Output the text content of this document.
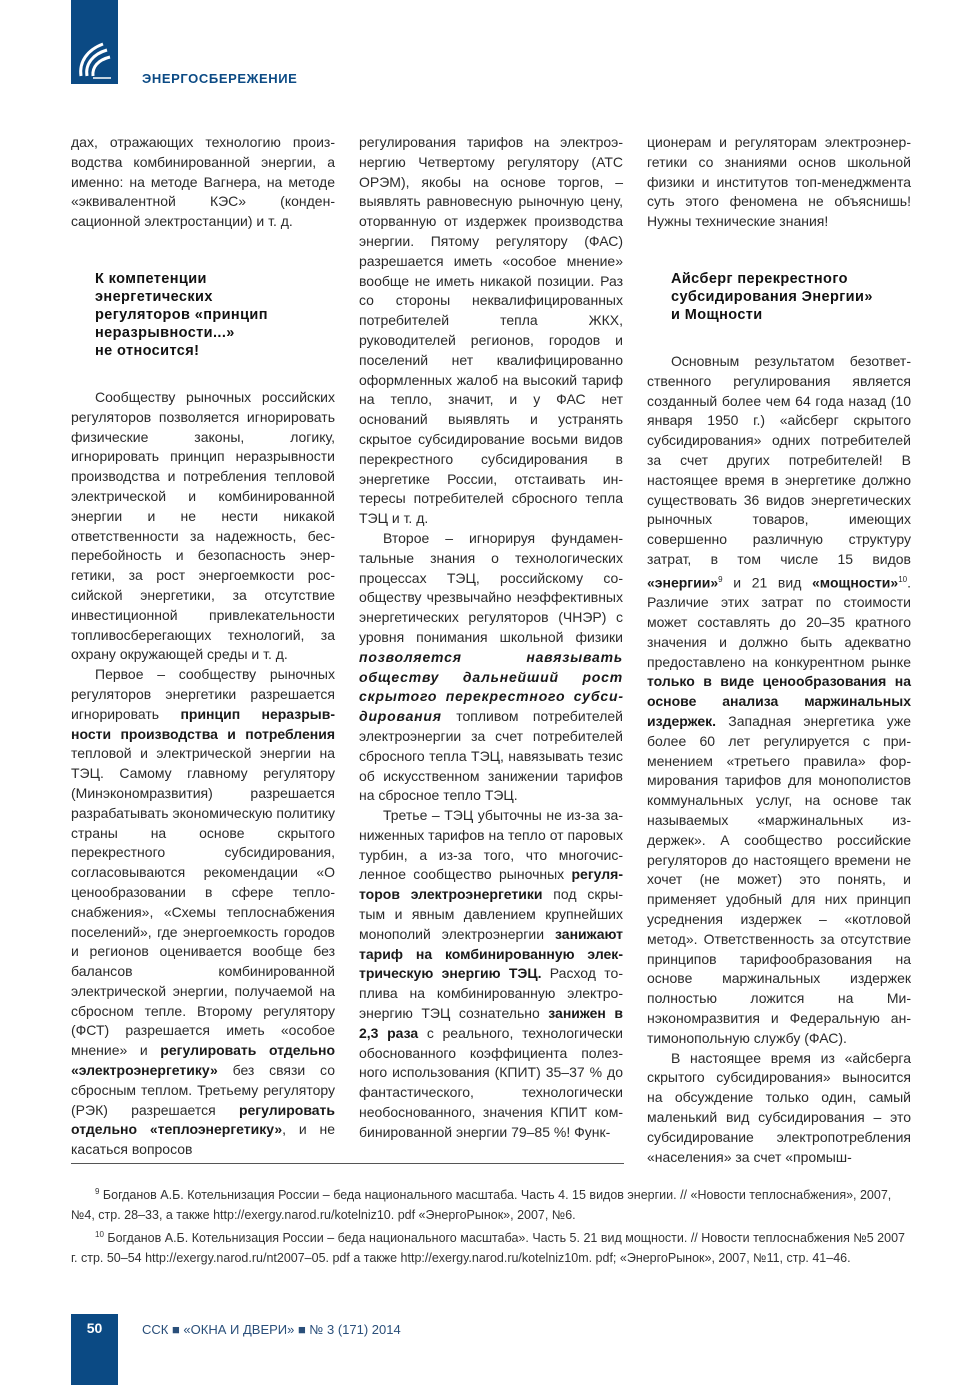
ЭНЕРГОСБЕРЕЖЕНИЕ

дах, отражающих технологию производства комбинированной энергии, а именно: на методе Вагнера, на методе «эквивалентной КЭС» (конденсационной электростанции) и т. д.

К компетенции
энергетических
регуляторов «принцип
неразрывности...»
не относится!

Сообществу рыночных российских регуляторов позволяется игнорировать физические законы, логику, игнорировать принцип неразрывности производства и потребления тепловой электрической и комбинированной энергии и не нести никакой ответственности за надежность, бесперебойность и безопасность энергетики, за рост энергоемкости российской энергетики, за отсутствие инвестиционной привлекательности топливосберегающих технологий, за охрану окружающей среды и т. д.

Первое – сообществу рыночных регуляторов энергетики разрешается игнорировать принцип неразрывности производства и потребления тепловой и электрической энергии на ТЭЦ. Самому главному регулятору (Минэкономразвития) разрешается разрабатывать экономическую политику страны на основе скрытого перекрестного субсидирования, согласовываются рекомендации «О ценообразовании в сфере теплоснабжения», «Схемы теплоснабжения поселений», где энергоемкость городов и регионов оценивается вообще без балансов комбинированной электрической энергии, получаемой на сбросном тепле. Второму регулятору (ФСТ) разрешается иметь «особое мнение» и регулировать отдельно «электроэнергетику» без связи со сбросным теплом. Третьему регулятору (РЭК) разрешается регулировать отдельно «теплоэнергетику», и не касаться вопросов

регулирования тарифов на электроэнергию Четвертому регулятору (АТС ОРЭМ), якобы на основе торгов, – выявлять равновесную рыночную цену, оторванную от издержек производства энергии. Пятому регулятору (ФАС) разрешается иметь «особое мнение» вообще не иметь никакой позиции. Раз со стороны неквалифицированных потребителей тепла ЖКХ, руководителей регионов, городов и поселений нет квалифицированно оформленных жалоб на высокий тариф на тепло, значит, и у ФАС нет оснований выявлять и устранять скрытое субсидирование восьми видов перекрестного субсидирования в энергетике России, отстаивать интересы потребителей сбросного тепла ТЭЦ и т. д.

Второе – игнорируя фундаментальные знания о технологических процессах ТЭЦ, российскому сообществу чрезвычайно неэффективных энергетических регуляторов (ЧНЭР) с уровня понимания школьной физики позволяется навязывать обществу дальнейший рост скрытого перекрестного субсидирования топливом потребителей электроэнергии за счет потребителей сбросного тепла ТЭЦ, навязывать тезис об искусственном занижении тарифов на сбросное тепло ТЭЦ.

Третье – ТЭЦ убыточны не из-за заниженных тарифов на тепло от паровых турбин, а из-за того, что многочисленное сообщество рыночных регуляторов электроэнергетики под скрытым и явным давлением крупнейших монополий электроэнергии занижают тариф на комбинированную электрическую энергию ТЭЦ. Расход топлива на комбинированную электроэнергию ТЭЦ сознательно занижен в 2,3 раза с реального, технологически обоснованного коэффициента полезного использования (КПИТ) 35–37 % до фантастического, технологически необоснованного, значения КПИТ комбинированной энергии 79–85 %! Функ-

ционерам и регуляторам электроэнергетики со знаниями основ школьной физики и институтов топ-менеджмента суть этого феномена не объяснишь! Нужны технические знания!

Айсберг перекрестного
субсидирования Энергии»
и Мощности

Основным результатом безответственного регулирования является созданный более чем 64 года назад (10 января 1950 г.) «айсберг скрытого субсидирования» одних потребителей за счет других потребителей! В настоящее время в энергетике должно существовать 36 видов энергетических рыночных товаров, имеющих совершенно различную структуру затрат, в том числе 15 видов «энергии»$^9$ и 21 вид «мощности»$^{10}$. Различие этих затрат по стоимости может составлять до 20–35 кратного значения и должно быть адекватно предоставлено на конкурентном рынке только в виде ценообразования на основе анализа маржинальных издержек. Западная энергетика уже более 60 лет регулируется с применением «третьего правила» формирования тарифов для монополистов коммунальных услуг, на основе так называемых «маржинальных издержек». А сообщество российские регуляторов до настоящего времени не хочет (не может) это понять, и применяет удобный для них принцип усреднения издержек – «котловой метод». Ответственность за отсутствие принципов тарифообразования на основе маржинальных издержек полностью ложится на Минэкономразвития и Федеральную антимонопольную службу (ФАС).

В настоящее время из «айсберга скрытого субсидирования» выносится на обсуждение только один, самый маленький вид субсидирования – это субсидирование электропотребления «населения» за счет «промыш-

$^9$ Богданов А.Б. Котельнизация России – беда национального масштаба. Часть 4. 15 видов энергии. // «Новости теплоснабжения», 2007, №4, стр. 28–33, а также http://exergy.narod.ru/kotelniz10. pdf «ЭнергоРынок», 2007, №6.

$^{10}$ Богданов А.Б. Котельнизация России – беда национального масштаба». Часть 5. 21 вид мощности. // Новости теплоснабжения №5 2007 г. стр. 50–54 http://exergy.narod.ru/nt2007–05. pdf а также http://exergy.narod.ru/kotelniz10m. pdf; «ЭнергоРынок», 2007, №11, стр. 41–46.

50	ССК ■ «ОКНА И ДВЕРИ» ■ № 3 (171) 2014
